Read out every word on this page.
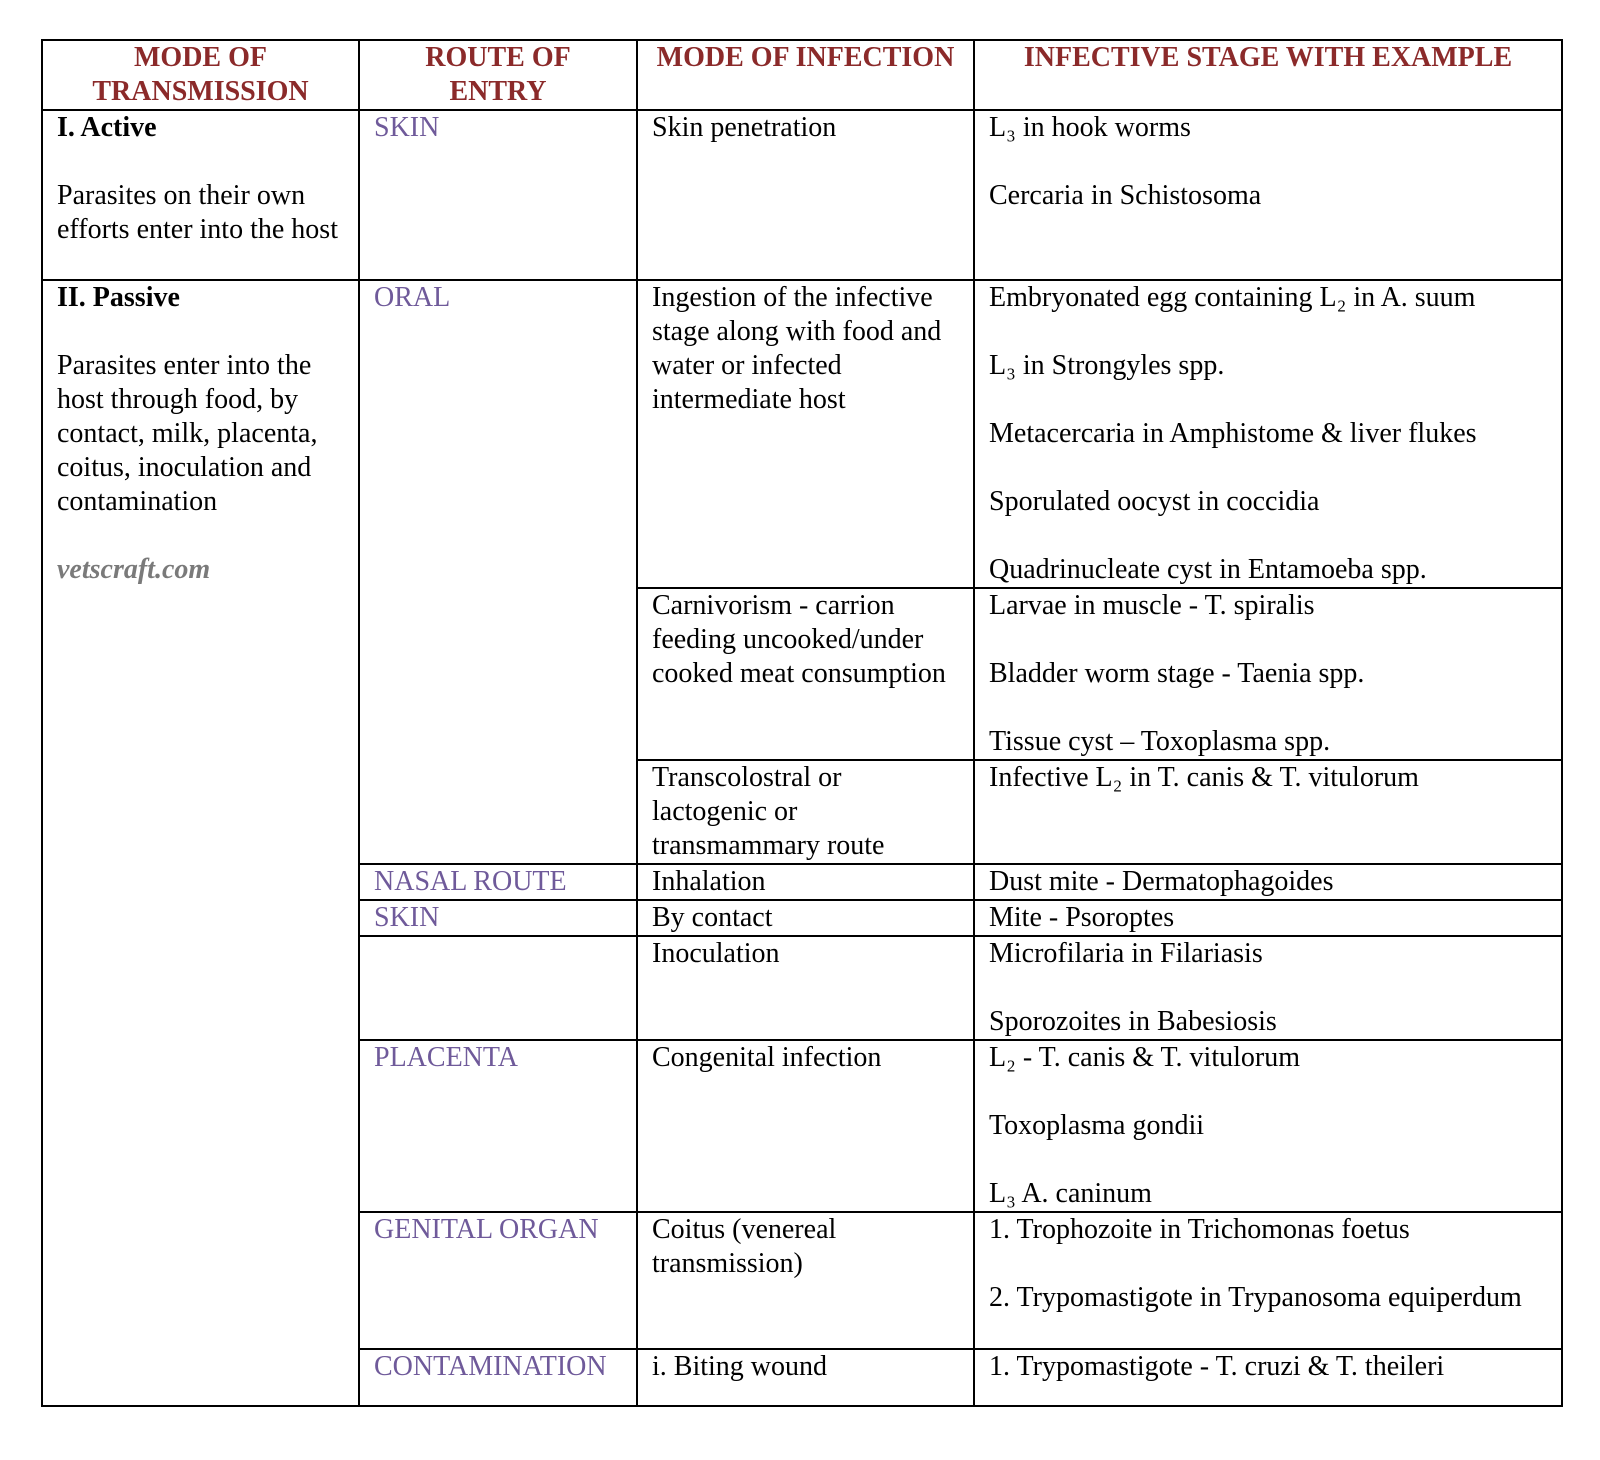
MODE OF TRANSMISSION	ROUTE OF ENTRY	MODE OF INFECTION	INFECTIVE STAGE WITH EXAMPLE

I. Active
Parasites on their own efforts enter into the host	SKIN	Skin penetration	L₃ in hook worms
Cercaria in Schistosoma

II. Passive
Parasites enter into the host through food, by contact, milk, placenta, coitus, inoculation and contamination
vetscraft.com	ORAL	Ingestion of the infective stage along with food and water or infected intermediate host	Embryonated egg containing L₂ in A. suum
L₃ in Strongyles spp.
Metacercaria in Amphistome & liver flukes
Sporulated oocyst in coccidia
Quadrinucleate cyst in Entamoeba spp.

		Carnivorism - carrion feeding uncooked/under cooked meat consumption	Larvae in muscle - T. spiralis
Bladder worm stage - Taenia spp.
Tissue cyst – Toxoplasma spp.

		Transcolostral or lactogenic or transmammary route	Infective L₂ in T. canis & T. vitulorum

	NASAL ROUTE	Inhalation	Dust mite - Dermatophagoides

	SKIN	By contact	Mite - Psoroptes

		Inoculation	Microfilaria in Filariasis
Sporozoites in Babesiosis

	PLACENTA	Congenital infection	L₂ - T. canis & T. vitulorum
Toxoplasma gondii
L₃ A. caninum

	GENITAL ORGAN	Coitus (venereal transmission)	1. Trophozoite in Trichomonas foetus
2. Trypomastigote in Trypanosoma equiperdum

	CONTAMINATION	i. Biting wound	1. Trypomastigote - T. cruzi & T. theileri
